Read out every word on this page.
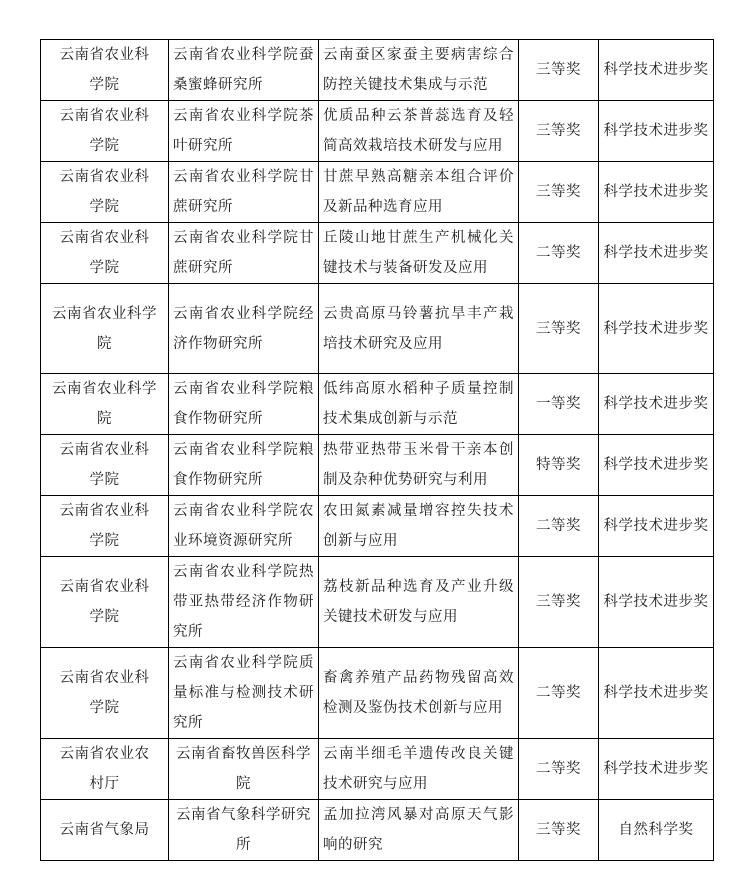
云南省农业科学院	云南省农业科学院蚕桑蜜蜂研究所	云南蚕区家蚕主要病害综合防控关键技术集成与示范	三等奖	科学技术进步奖
云南省农业科学院	云南省农业科学院茶叶研究所	优质品种云茶普蕊选育及轻简高效栽培技术研发与应用	三等奖	科学技术进步奖
云南省农业科学院	云南省农业科学院甘蔗研究所	甘蔗早熟高糖亲本组合评价及新品种选育应用	三等奖	科学技术进步奖
云南省农业科学院	云南省农业科学院甘蔗研究所	丘陵山地甘蔗生产机械化关键技术与装备研发及应用	二等奖	科学技术进步奖
云南省农业科学院	云南省农业科学院经济作物研究所	云贵高原马铃薯抗旱丰产栽培技术研究及应用	三等奖	科学技术进步奖
云南省农业科学院	云南省农业科学院粮食作物研究所	低纬高原水稻种子质量控制技术集成创新与示范	一等奖	科学技术进步奖
云南省农业科学院	云南省农业科学院粮食作物研究所	热带亚热带玉米骨干亲本创制及杂种优势研究与利用	特等奖	科学技术进步奖
云南省农业科学院	云南省农业科学院农业环境资源研究所	农田氮素减量增容控失技术创新与应用	二等奖	科学技术进步奖
云南省农业科学院	云南省农业科学院热带亚热带经济作物研究所	荔枝新品种选育及产业升级关键技术研发与应用	三等奖	科学技术进步奖
云南省农业科学院	云南省农业科学院质量标准与检测技术研究所	畜禽养殖产品药物残留高效检测及鉴伪技术创新与应用	二等奖	科学技术进步奖
云南省农业农村厅	云南省畜牧兽医科学院	云南半细毛羊遗传改良关键技术研究与应用	二等奖	科学技术进步奖
云南省气象局	云南省气象科学研究所	孟加拉湾风暴对高原天气影响的研究	三等奖	自然科学奖
